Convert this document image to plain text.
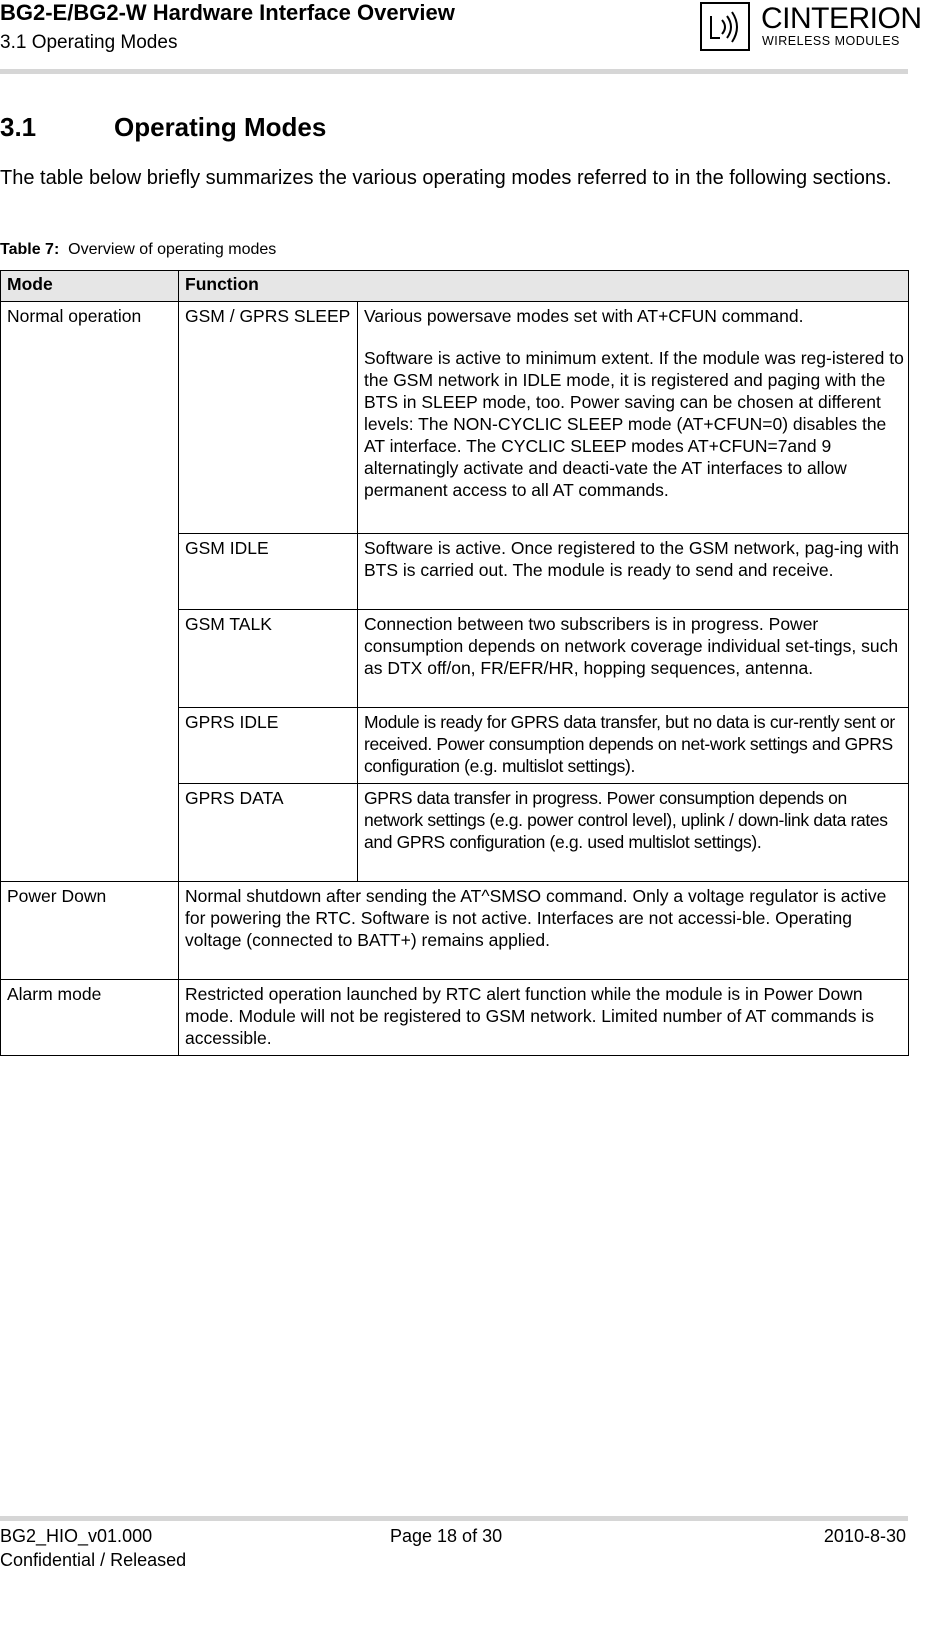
BG2-E/BG2-W Hardware Interface Overview
3.1 Operating Modes
CINTERION
WIRELESS MODULES
3.1	Operating Modes
The table below briefly summarizes the various operating modes referred to in the following sections.
Table 7: Overview of operating modes
Mode	Function	
Normal operation	GSM / GPRS SLEEP	Various powersave modes set with AT+CFUN command.

Software is active to minimum extent. If the module was reg-istered to the GSM network in IDLE mode, it is registered and paging with the BTS in SLEEP mode, too. Power saving can be chosen at different levels: The NON-CYCLIC SLEEP mode (AT+CFUN=0) disables the AT interface. The CYCLIC SLEEP modes AT+CFUN=7and 9 alternatingly activate and deacti-vate the AT interfaces to allow permanent access to all AT commands.

	GSM IDLE	Software is active. Once registered to the GSM network, pag-ing with BTS is carried out. The module is ready to send and receive.
	GSM TALK	Connection between two subscribers is in progress. Power consumption depends on network coverage individual set-tings, such as DTX off/on, FR/EFR/HR, hopping sequences, antenna.
	GPRS IDLE	Module is ready for GPRS data transfer, but no data is cur-rently sent or received. Power consumption depends on net-work settings and GPRS configuration (e.g. multislot settings).
	GPRS DATA	GPRS data transfer in progress. Power consumption depends on network settings (e.g. power control level), uplink / down-link data rates and GPRS configuration (e.g. used multislot settings).
Power Down	Normal shutdown after sending the AT^SMSO command. Only a voltage regulator is active for powering the RTC. Software is not active. Interfaces are not accessi-ble. Operating voltage (connected to BATT+) remains applied.	
Alarm mode	Restricted operation launched by RTC alert function while the module is in Power Down mode. Module will not be registered to GSM network. Limited number of AT commands is accessible.	
BG2_HIO_v01.000
Confidential / Released
Page 18 of 30	2010-8-30
